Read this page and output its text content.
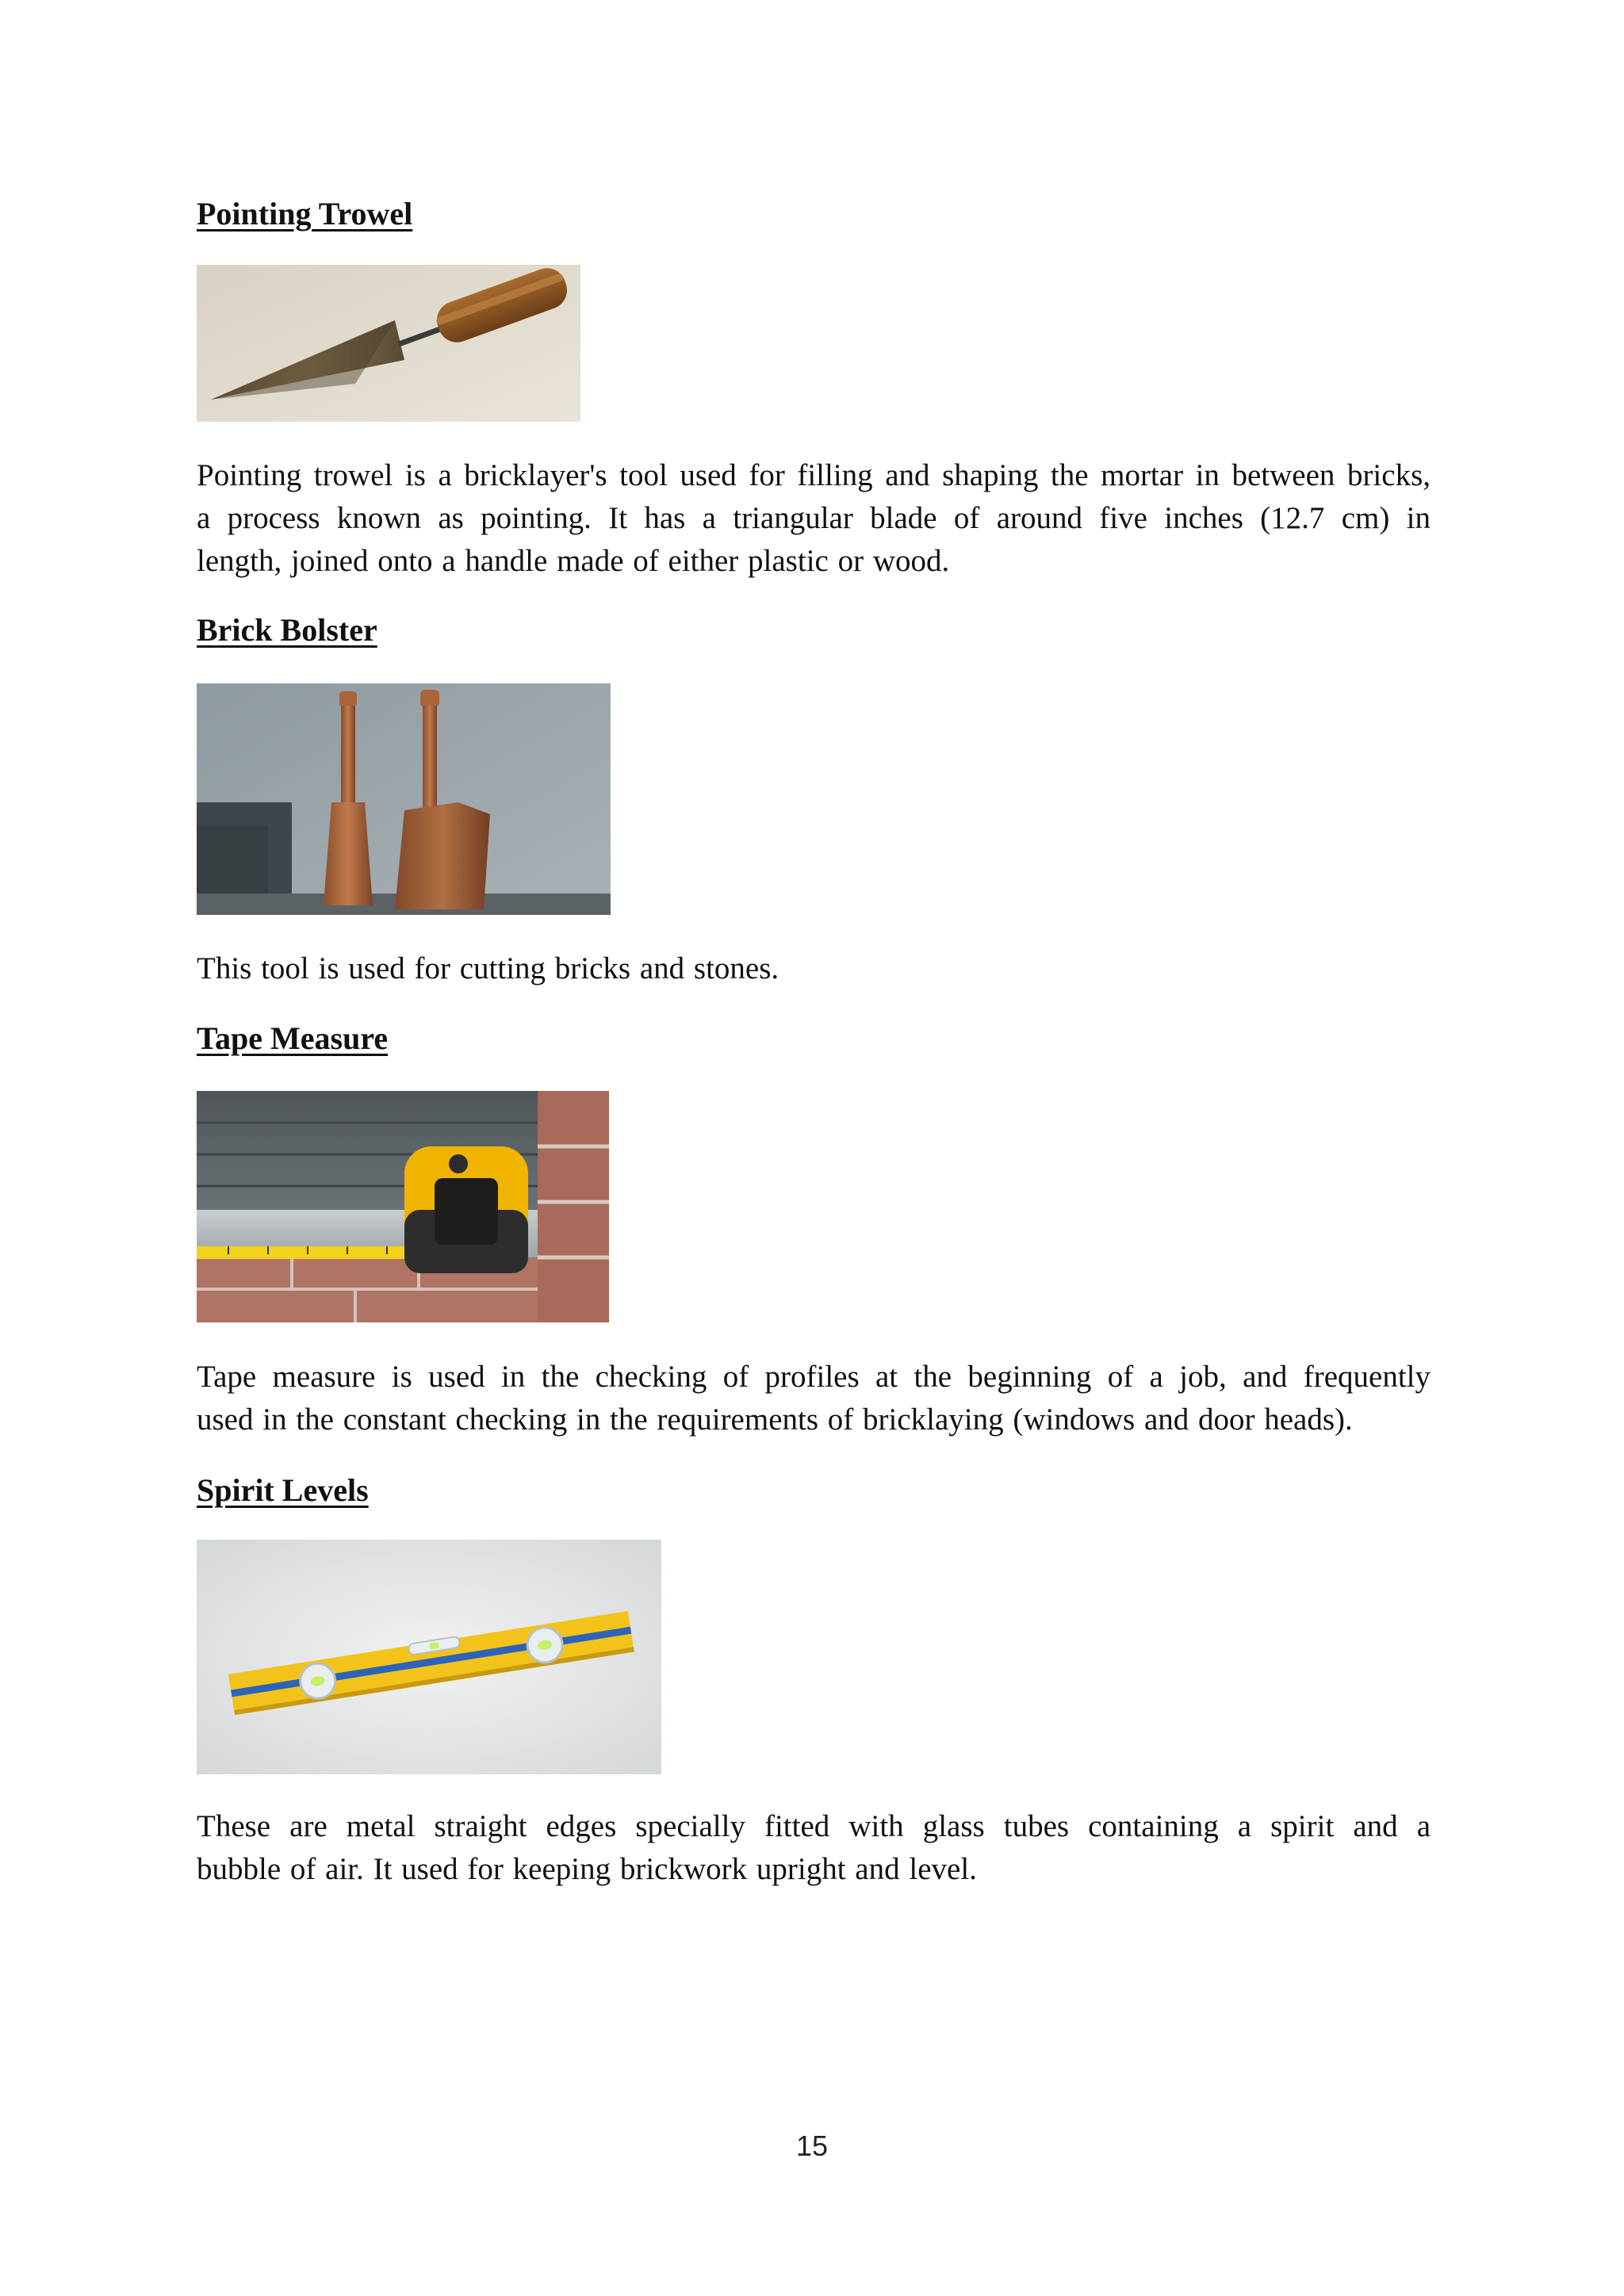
Pointing Trowel
Pointing trowel is a bricklayer's tool used for filling and shaping the mortar in between bricks,
a process known as pointing. It has a triangular blade of around five inches (12.7 cm) in
length, joined onto a handle made of either plastic or wood.
Brick Bolster
This tool is used for cutting bricks and stones.
Tape Measure
Tape measure is used in the checking of profiles at the beginning of a job, and frequently
used in the constant checking in the requirements of bricklaying (windows and door heads).
Spirit Levels
These are metal straight edges specially fitted with glass tubes containing a spirit and a
bubble of air. It used for keeping brickwork upright and level.
15
